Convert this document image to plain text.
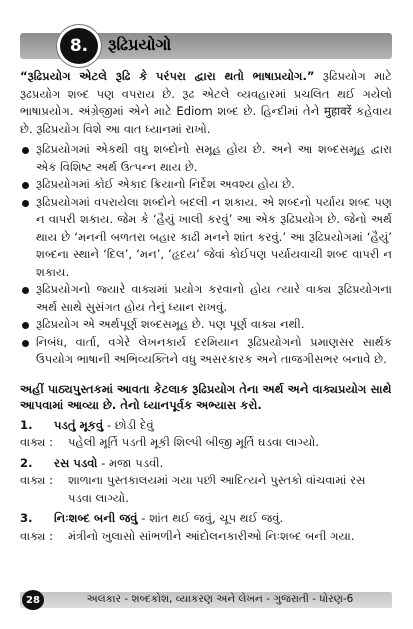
8.	રૂઢિપ્રયોગો

“રૂઢિપ્રયોગ એટલે રૂઢિ કે પરંપરા દ્વારા થતો ભાષાપ્રયોગ.” રૂઢિપ્રયોગ માટે રૂઢપ્રયોગ શબ્દ પણ વપરાય છે. રૂઢ એટલે વ્યવહારમાં પ્રચલિત થઈ ગયેલો ભાષાપ્રયોગ. અંગ્રેજીમાં એને માટે Ediom શબ્દ છે. હિન્દીમાં તેને मुहावरें કહેવાય છે. રૂઢિપ્રયોગ વિશે આ વાત ધ્યાનમાં રાખો.

રૂઢિપ્રયોગમાં એકથી વધુ શબ્દોનો સમૂહ હોય છે. અને આ શબ્દસમૂહ દ્વારા એક વિશિષ્ટ અર્થ ઉત્પન્ન થાય છે.
રૂઢિપ્રયોગમાં કોઈ એકાદ ક્રિયાનો નિર્દેશ અવશ્ય હોય છે.
રૂઢિપ્રયોગમાં વપરાયેલા શબ્દોને બદલી ન શકાય. એ શબ્દનો પર્યાય શબ્દ પણ ન વાપરી શકાય. જેમ કે ‘હૈયું ખાલી કરવું’ આ એક રૂઢિપ્રયોગ છે. જેનો અર્થ થાય છે ‘મનની બળતરા બહાર કાઢી મનને શાંત કરવું.’ આ રૂઢિપ્રયોગમાં ‘હૈયું’ શબ્દના સ્થાને ‘દિલ’, ‘મન’, ‘હૃદય’ જેવાં કોઈપણ પર્યાયવાચી શબ્દ વાપરી ન શકાય.
રૂઢિપ્રયોગનો જ્યારે વાક્યમાં પ્રયોગ કરવાનો હોય ત્યારે વાક્ય રૂઢિપ્રયોગના અર્થ સાથે સુસંગત હોય તેનું ધ્યાન રાખવું.
રૂઢિપ્રયોગ એ અર્થપૂર્ણ શબ્દસમૂહ છે. પણ પૂર્ણ વાક્ય નથી.
નિબંધ, વાર્તા, વગેરે લેખનકાર્ય દરમિયાન રૂઢિપ્રયોગનો પ્રમાણસર સાર્થક ઉપયોગ ભાષાની અભિવ્યક્તિને વધુ અસરકારક અને તાજગીસભર બનાવે છે.
અહીં પાઠ્યપુસ્તકમાં આવતા કેટલાક રૂઢિપ્રયોગ તેના અર્થ અને વાક્યપ્રયોગ સાથે આપવામાં આવ્યા છે. તેનો ધ્યાનપૂર્વક અભ્યાસ કરો.
1.	પડતું મૂકવું - છોડી દેવું
વાક્ય :	પહેલી મૂર્તિ પડતી મૂકી શિલ્પી બીજી મૂર્તિ ઘડવા લાગ્યો.
2.	રસ પડવો - મજા પડવી.
વાક્ય :	શાળાના પુસ્તકાલયમાં ગયા પછી આદિત્યને પુસ્તકો વાંચવામાં રસ પડવા લાગ્યો.
3.	નિઃશબ્દ બની જવું - શાંત થઈ જવું, ચૂપ થઈ જવું.
વાક્ય :	મંત્રીનો ખુલાસો સાંભળીને આંદોલનકારીઓ નિઃશબ્દ બની ગયા.
28	અલંકાર - શબ્દકોશ, વ્યાકરણ અને લેખન - ગુજરાતી - ધોરણ-6
